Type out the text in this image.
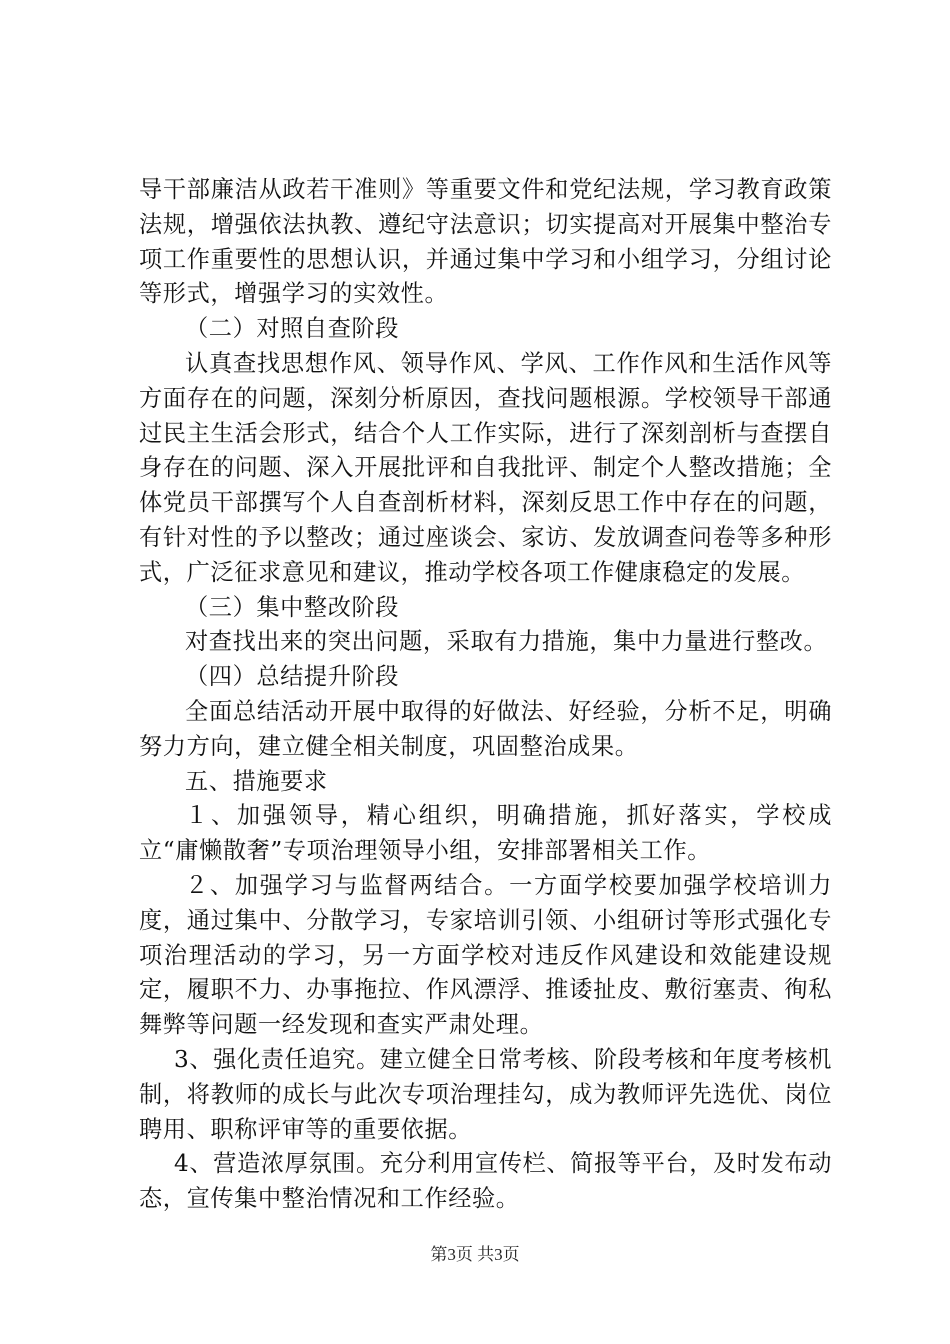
导干部廉洁从政若干准则》等重要文件和党纪法规，学习教育政策法规，增强依法执教、遵纪守法意识；切实提高对开展集中整治专项工作重要性的思想认识，并通过集中学习和小组学习，分组讨论等形式，增强学习的实效性。

（二）对照自查阶段

认真查找思想作风、领导作风、学风、工作作风和生活作风等方面存在的问题，深刻分析原因，查找问题根源。学校领导干部通过民主生活会形式，结合个人工作实际，进行了深刻剖析与查摆自身存在的问题、深入开展批评和自我批评、制定个人整改措施；全体党员干部撰写个人自查剖析材料，深刻反思工作中存在的问题，有针对性的予以整改；通过座谈会、家访、发放调查问卷等多种形式，广泛征求意见和建议，推动学校各项工作健康稳定的发展。

（三）集中整改阶段

对查找出来的突出问题，采取有力措施，集中力量进行整改。

（四）总结提升阶段

全面总结活动开展中取得的好做法、好经验，分析不足，明确努力方向，建立健全相关制度，巩固整治成果。

五、措施要求

１、加强领导，精心组织，明确措施，抓好落实，学校成立“庸懒散奢”专项治理领导小组，安排部署相关工作。

２、加强学习与监督两结合。一方面学校要加强学校培训力度，通过集中、分散学习，专家培训引领、小组研讨等形式强化专项治理活动的学习，另一方面学校对违反作风建设和效能建设规定，履职不力、办事拖拉、作风漂浮、推诿扯皮、敷衍塞责、徇私舞弊等问题一经发现和查实严肃处理。

3、强化责任追究。建立健全日常考核、阶段考核和年度考核机制，将教师的成长与此次专项治理挂勾，成为教师评先选优、岗位聘用、职称评审等的重要依据。

4、营造浓厚氛围。充分利用宣传栏、简报等平台，及时发布动态，宣传集中整治情况和工作经验。

第3页 共3页
